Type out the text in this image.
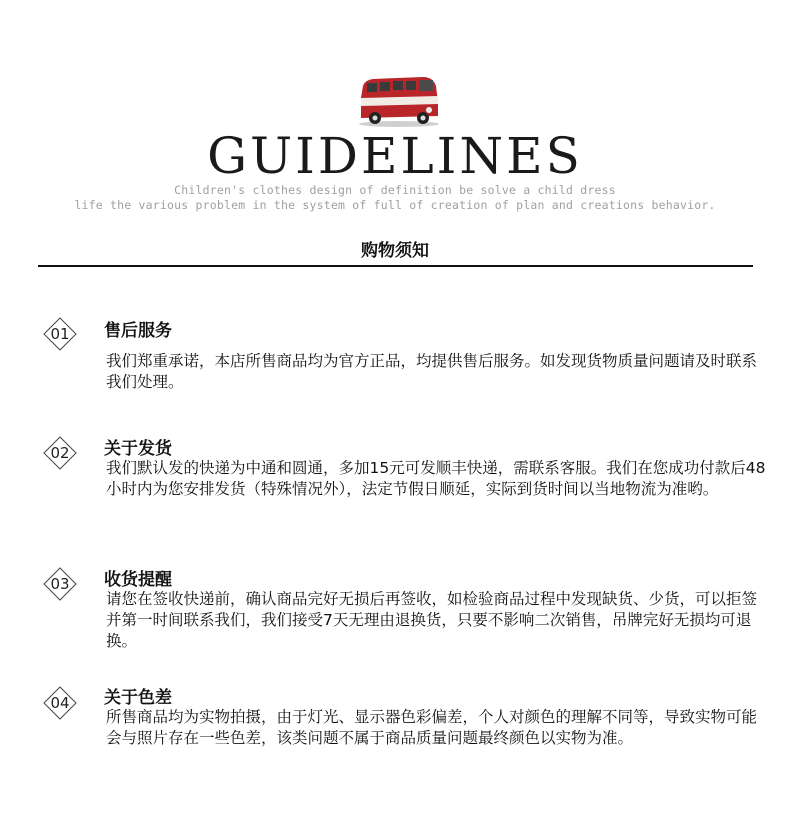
GUIDELINES
Children's clothes design of definition be solve a child dress
life the various problem in the system of full of creation of plan and creations behavior.
购物须知
01	售后服务
我们郑重承诺，本店所售商品均为官方正品，均提供售后服务。如发现货物质量问题请及时联系我们处理。
02	关于发货
我们默认发的快递为中通和圆通，多加15元可发顺丰快递，需联系客服。我们在您成功付款后48小时内为您安排发货（特殊情况外），法定节假日顺延，实际到货时间以当地物流为准哟。
03	收货提醒
请您在签收快递前，确认商品完好无损后再签收，如检验商品过程中发现缺货、少货，可以拒签并第一时间联系我们，我们接受7天无理由退换货，只要不影响二次销售，吊牌完好无损均可退换。
04	关于色差
所售商品均为实物拍摄，由于灯光、显示器色彩偏差，个人对颜色的理解不同等，导致实物可能会与照片存在一些色差，该类问题不属于商品质量问题最终颜色以实物为准。
